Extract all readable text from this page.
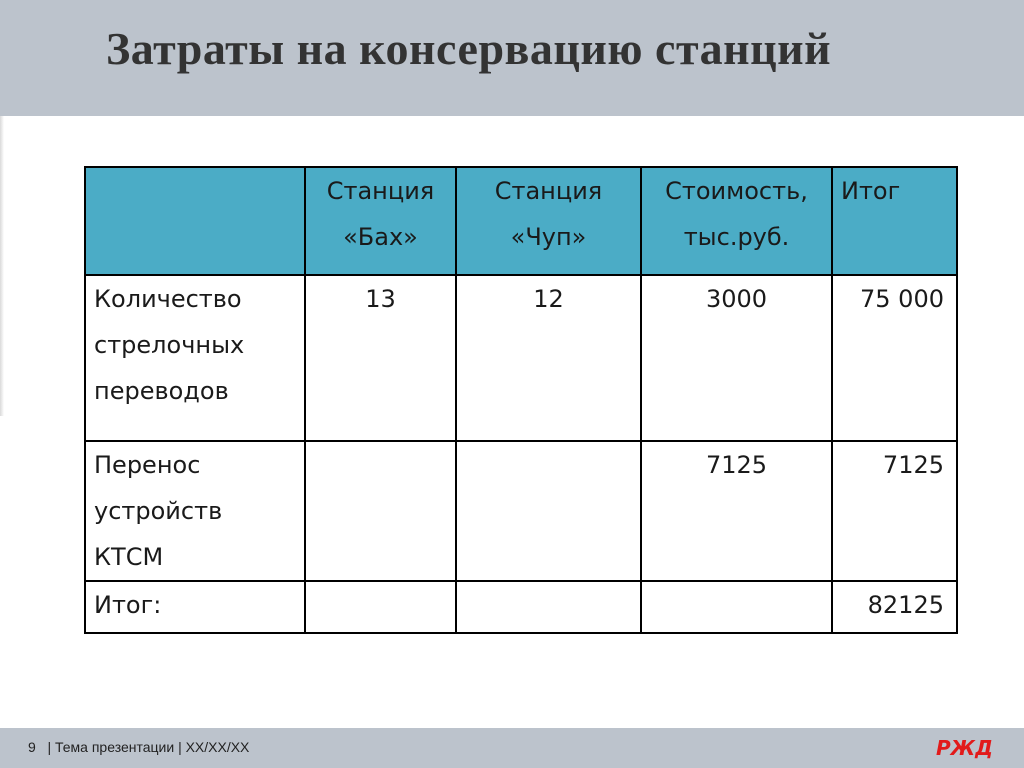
Затраты на консервацию станций
	Станция «Бах»	Станция «Чуп»	Стоимость, тыс.руб.	Итог
Количество стрелочных переводов	13	12	3000	75 000
Перенос устройств КТСМ			7125	7125
Итог:				82125
9 | Тема презентации | XX/XX/XX	РЖД
